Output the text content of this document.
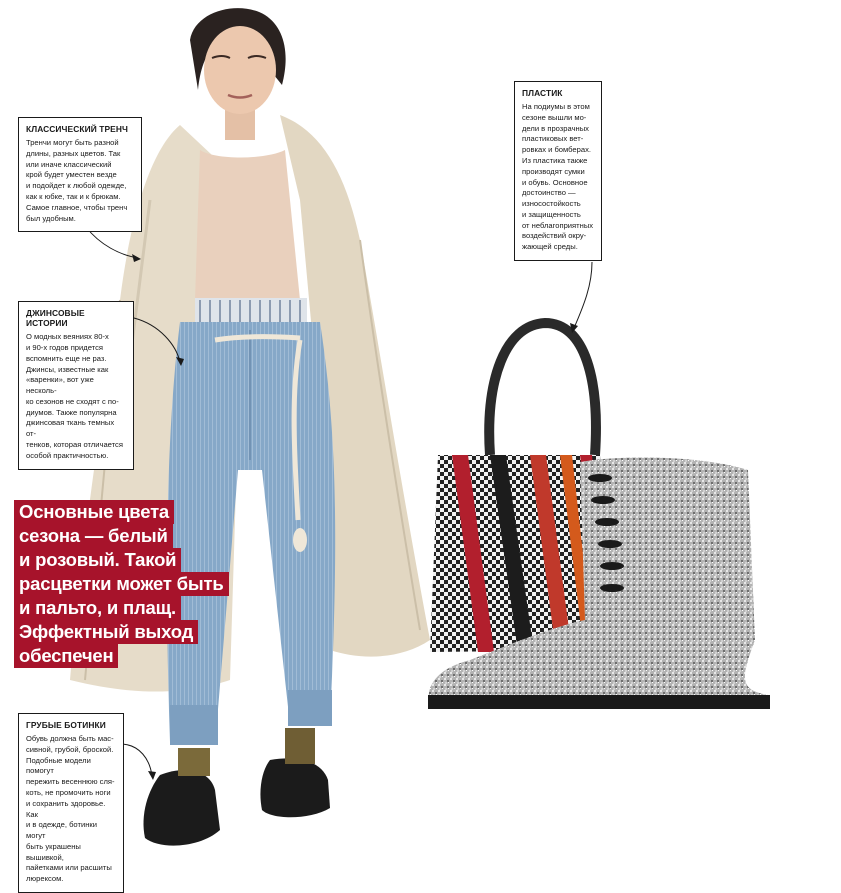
КЛАССИЧЕСКИЙ ТРЕНЧ
Тренчи могут быть разной
длины, разных цветов. Так
или иначе классический
крой будет уместен везде
и подойдет к любой одежде,
как к юбке, так и к брюкам.
Самое главное, чтобы тренч
был удобным.
ДЖИНСОВЫЕ ИСТОРИИ
О модных веяниях 80-х
и 90-х годов придется
вспомнить еще не раз.
Джинсы, известные как
«варенки», вот уже несколь-
ко сезонов не сходят с по-
диумов. Также популярна
джинсовая ткань темных от-
тенков, которая отличается
особой практичностью.
ПЛАСТИК
На подиумы в этом
сезоне вышли мо-
дели в прозрачных
пластиковых вет-
ровках и бомберах.
Из пластика также
производят сумки
и обувь. Основное
достоинство —
износостойкость
и защищенность
от неблагоприятных
воздействий окру-
жающей среды.
ГРУБЫЕ БОТИНКИ
Обувь должна быть мас-
сивной, грубой, броской.
Подобные модели помогут
пережить весеннюю сля-
коть, не промочить ноги
и сохранить здоровье. Как
и в одежде, ботинки могут
быть украшены вышивкой,
пайетками или расшиты
люрексом.
Основные цвета
сезона — белый
и розовый. Такой
расцветки может быть
и пальто, и плащ.
Эффектный выход
обеспечен
